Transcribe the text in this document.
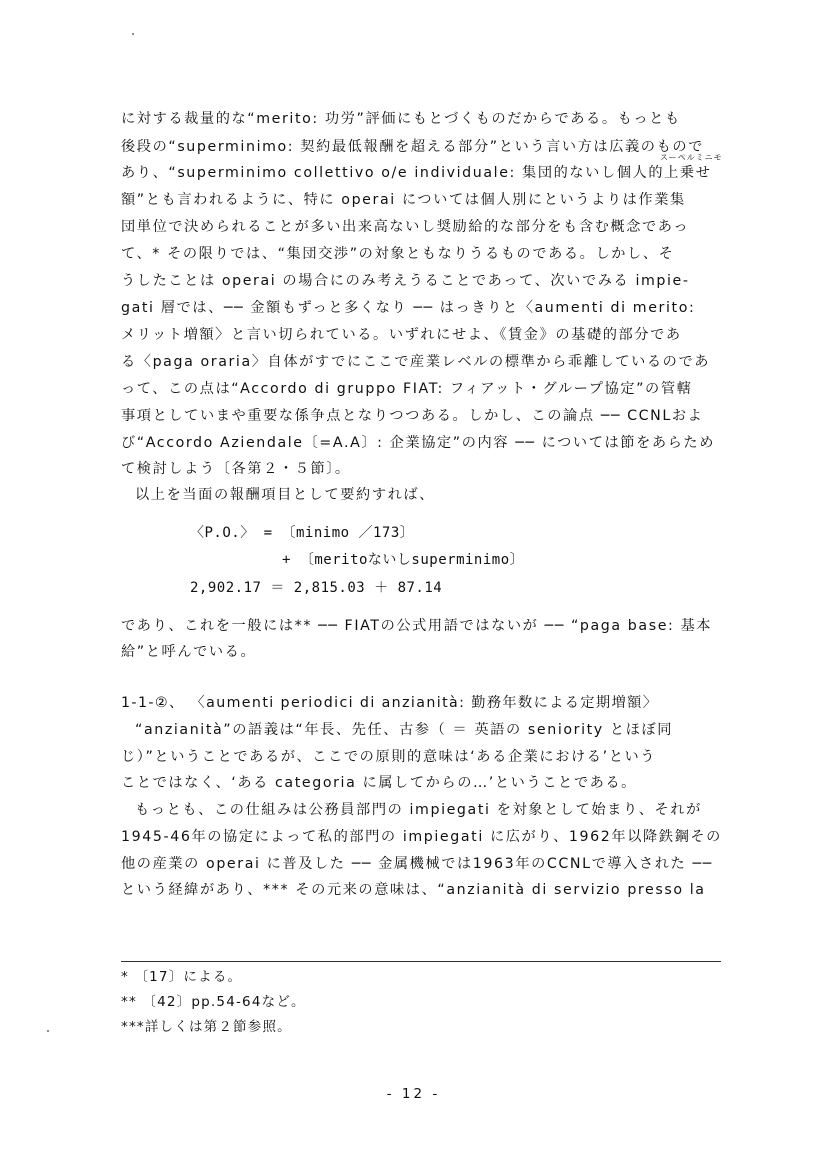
に対する裁量的な“merito: 功労”評価にもとづくものだからである。もっとも
後段の“superminimo: 契約最低報酬を超える部分”という言い方は広義のもので
スーペルミニモ
あり、“superminimo collettivo o/e individuale: 集団的ないし個人的上乗せ
額”とも言われるように、特に operai については個人別にというよりは作業集
団単位で決められることが多い出来高ないし奨励給的な部分をも含む概念であっ
て、* その限りでは、“集団交渉”の対象ともなりうるものである。しかし、そ
うしたことは operai の場合にのみ考えうることであって、次いでみる impie-
gati 層では、── 金額もずっと多くなり ── はっきりと〈aumenti di merito:
メリット増額〉と言い切られている。いずれにせよ、《賃金》の基礎的部分であ
る〈paga oraria〉自体がすでにここで産業レベルの標準から乖離しているのであ
って、この点は“Accordo di gruppo FIAT: フィアット・グループ協定”の管轄
事項としていまや重要な係争点となりつつある。しかし、この論点 ── CCNLおよ
び“Accordo Aziendale〔=A.A〕: 企業協定”の内容 ── については節をあらため
て検討しよう〔各第２・５節〕。
以上を当面の報酬項目として要約すれば、
〈P.O.〉 = 〔minimo ／173〕
+ 〔meritoないしsuperminimo〕
2,902.17 ＝ 2,815.03 ＋ 87.14
であり、これを一般には** ── FIATの公式用語ではないが ── “paga base: 基本
給”と呼んでいる。
1-1-②、 〈aumenti periodici di anzianità: 勤務年数による定期増額〉
“anzianità”の語義は“年長、先任、古参（ ＝ 英語の seniority とほぼ同
じ）”ということであるが、ここでの原則的意味は‘ある企業における’という
ことではなく、‘ある categoria に属してからの…’ということである。
もっとも、この仕組みは公務員部門の impiegati を対象として始まり、それが
1945-46年の協定によって私的部門の impiegati に広がり、1962年以降鉄鋼その
他の産業の operai に普及した ── 金属機械では1963年のCCNLで導入された ──
という経緯があり、*** その元来の意味は、“anzianità di servizio presso la
* 〔17〕による。
** 〔42〕pp.54-64など。
***詳しくは第２節参照。
- 12 -
